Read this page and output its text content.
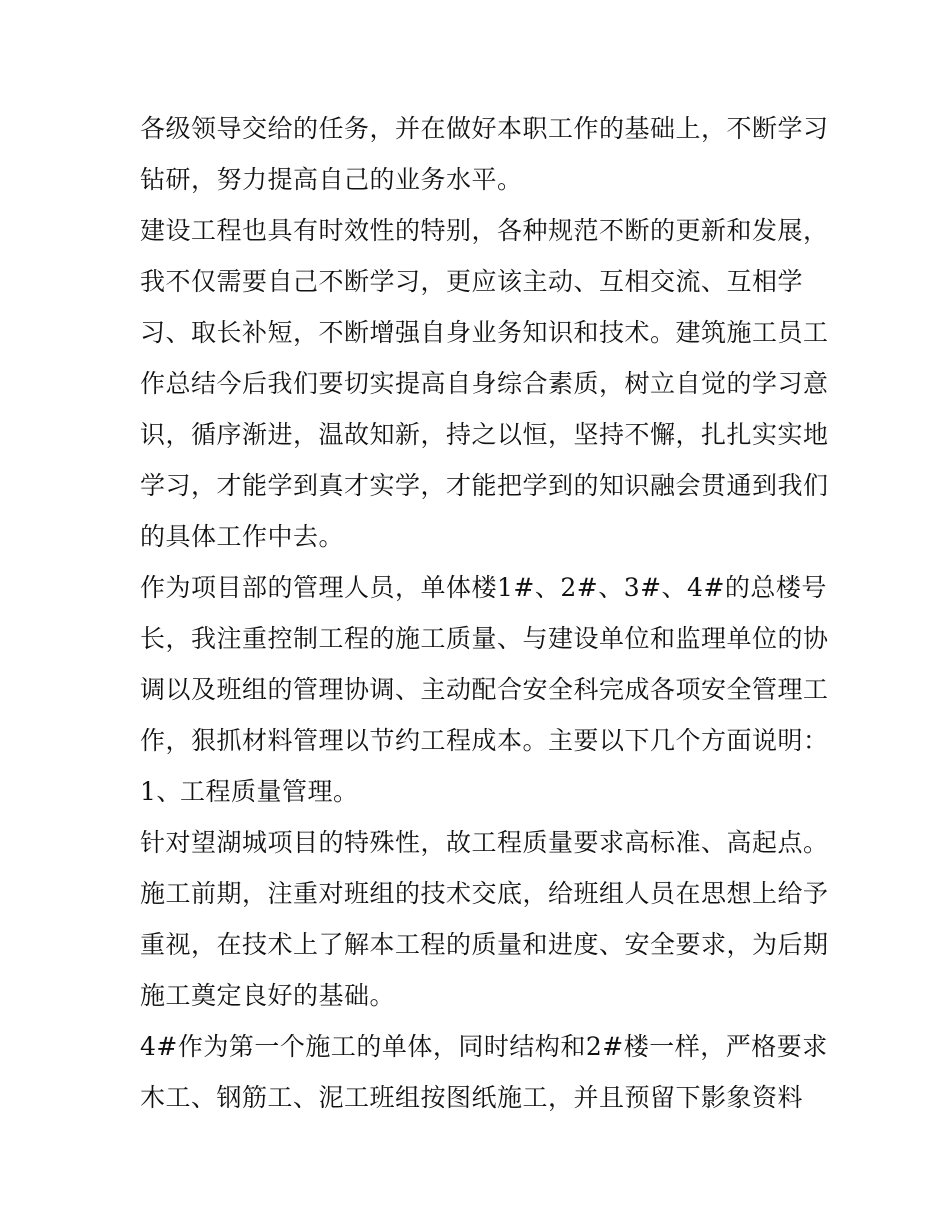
各级领导交给的任务，并在做好本职工作的基础上，不断学习
钻研，努力提高自己的业务水平。
建设工程也具有时效性的特别，各种规范不断的更新和发展，
我不仅需要自己不断学习，更应该主动、互相交流、互相学
习、取长补短，不断增强自身业务知识和技术。建筑施工员工
作总结今后我们要切实提高自身综合素质，树立自觉的学习意
识，循序渐进，温故知新，持之以恒，坚持不懈，扎扎实实地
学习，才能学到真才实学，才能把学到的知识融会贯通到我们
的具体工作中去。
作为项目部的管理人员，单体楼1#、2#、3#、4#的总楼号
长，我注重控制工程的施工质量、与建设单位和监理单位的协
调以及班组的管理协调、主动配合安全科完成各项安全管理工
作，狠抓材料管理以节约工程成本。主要以下几个方面说明：
1、工程质量管理。
针对望湖城项目的特殊性，故工程质量要求高标准、高起点。
施工前期，注重对班组的技术交底，给班组人员在思想上给予
重视，在技术上了解本工程的质量和进度、安全要求，为后期
施工奠定良好的基础。
4#作为第一个施工的单体，同时结构和2#楼一样，严格要求
木工、钢筋工、泥工班组按图纸施工，并且预留下影象资料
